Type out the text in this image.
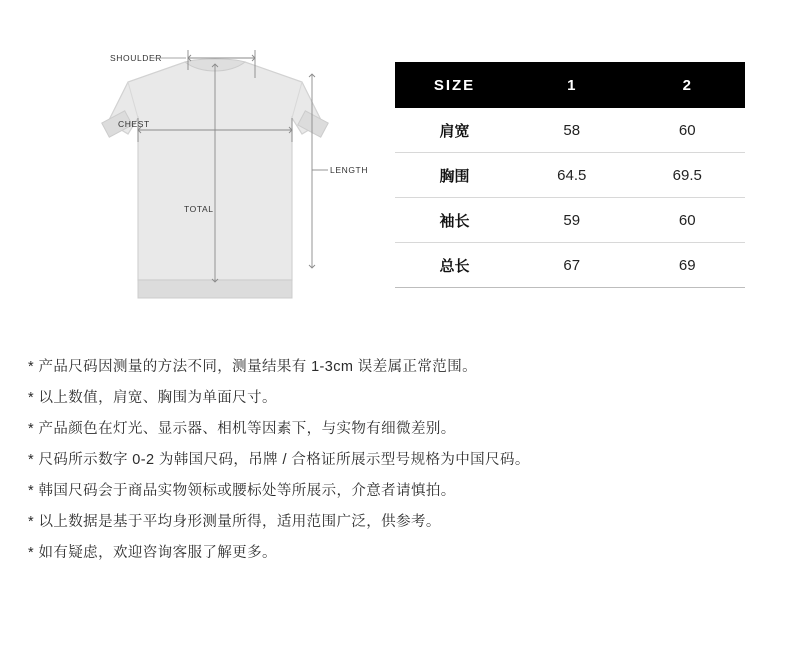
SHOULDER
CHEST
LENGTH
TOTAL
SIZE	1	2
肩宽	58	60
胸围	64.5	69.5
袖长	59	60
总长	67	69
* 产品尺码因测量的方法不同，测量结果有 1-3cm 误差属正常范围。
* 以上数值，肩宽、胸围为单面尺寸。
* 产品颜色在灯光、显示器、相机等因素下，与实物有细微差别。
* 尺码所示数字 0-2 为韩国尺码，吊牌 / 合格证所展示型号规格为中国尺码。
* 韩国尺码会于商品实物领标或腰标处等所展示，介意者请慎拍。
* 以上数据是基于平均身形测量所得，适用范围广泛，供参考。
* 如有疑虑，欢迎咨询客服了解更多。
